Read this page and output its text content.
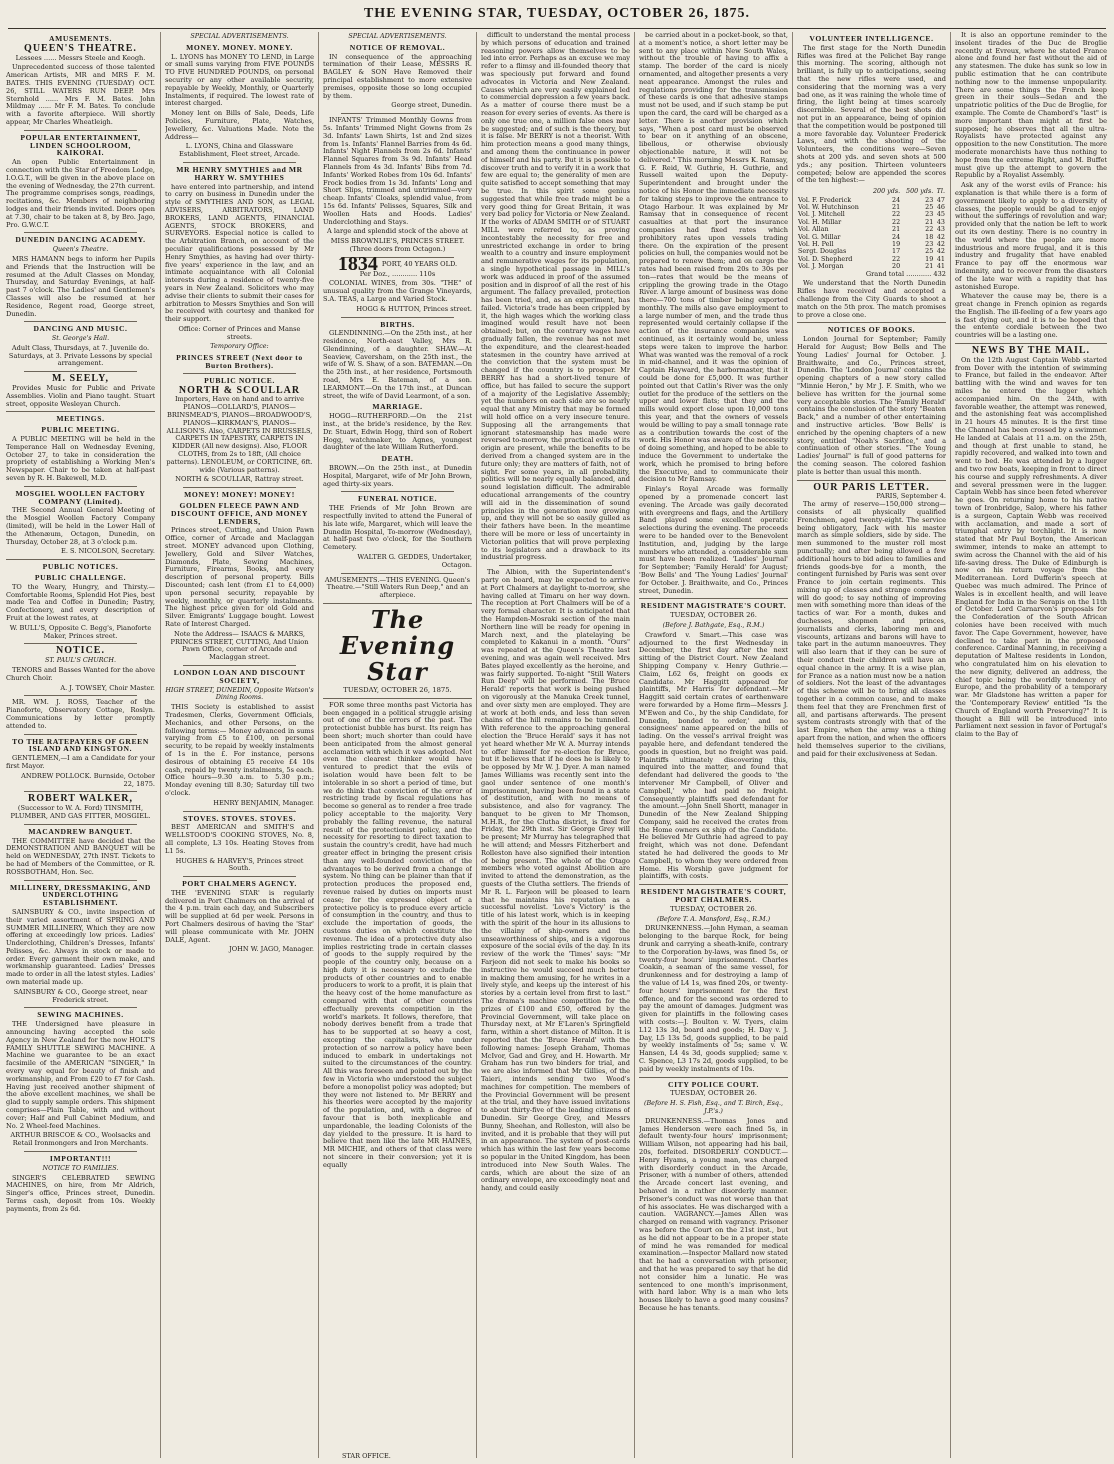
THE EVENING STAR, TUESDAY, OCTOBER 26, 1875.
AMUSEMENTS.
QUEEN'S THEATRE.

Lessees ...... Messrs Steele and Keogh.

Unprecedented success of those talented American Artists, MR and MRS F. M. BATES. THIS EVENING (TUESDAY) OCT. 26, STILL WATERS RUN DEEP. Mrs Sternhold ...... Mrs F. M. Bates. John Mildmay ...... Mr F. M. Bates. To conclude with a favorite afterpiece. Will shortly appear, Mr Charles Wheatleigh.

POPULAR ENTERTAINMENT, LINDEN SCHOOLROOM, KAIKORAI.

An open Public Entertainment in connection with the Star of Freedom Lodge, I.O.G.T., will be given in the above place on the evening of Wednesday, the 27th current. The programme comprises songs, readings, recitations, &c. Members of neighboring lodges and their friends invited. Doors open at 7.30, chair to be taken at 8, by Bro. Jago, Pro. G.W.C.T.

DUNEDIN DANCING ACADEMY.
Queen's Theatre.

MRS HAMANN begs to inform her Pupils and Friends that the Instruction will be resumed at the Adult Classes on Monday, Thursday, and Saturday Evenings, at half-past 7 o'clock. The Ladies' and Gentlemen's Classes will also be resumed at her Residence, Regent road, George street, Dunedin.

DANCING AND MUSIC.
St. George's Hall.

Adult Class, Thursdays, at 7. Juvenile do. Saturdays, at 3. Private Lessons by special arrangement.

M. SEELY,

Provides Music for Public and Private Assemblies. Violin and Piano taught. Stuart street, opposite Wesleyan Church.

MEETINGS.
PUBLIC MEETING.

A PUBLIC MEETING will be held in the Temperance Hall on Wednesday Evening, October 27, to take in consideration the propriety of establishing a Working Men's Newspaper. Chair to be taken at half-past seven by R. H. Bakewell, M.D.

MOSGIEL WOOLLEN FACTORY COMPANY (Limited).

THE Second Annual General Meeting of the Mosgiel Woollen Factory Company (limited), will be held in the Lower Hall of the Athenæum, Octagon, Dunedin, on Thursday, October 28, at 3 o'clock p.m.

E. S. NICOLSON, Secretary.

PUBLIC NOTICES.
PUBLIC CHALLENGE.

TO the Weary, Hungry, and Thirsty.— Comfortable Rooms, Splendid Hot Pies, best made Tea and Coffee in Dunedin; Pastry, Confectionery, and every description of Fruit at the lowest rates, at

W. BULL'S, Opposite C. Begg's, Pianoforte Maker, Princes street.

NOTICE.
ST. PAUL'S CHURCH.

TENORS and Basses Wanted for the above Church Choir.

A. J. TOWSEY, Choir Master.

MR. WM. J. ROSS, Teacher of the Pianoforte, Observatory Cottage, Roslyn. Communications by letter promptly attended to.

TO THE RATEPAYERS OF GREEN ISLAND AND KINGSTON.

GENTLEMEN,—I am a Candidate for your first Mayor.

ANDREW POLLOCK. Burnside, October 22, 1875.

ROBERT WALKER,

(Successor to W. A. Ford) TINSMITH, PLUMBER, AND GAS FITTER, MOSGIEL.

MACANDREW BANQUET.

THE COMMITTEE have decided that the DEMONSTRATION AND BANQUET will be held on WEDNESDAY, 27th INST. Tickets to be had of Members of the Committee, or R. ROSSBOTHAM, Hon. Sec.

MILLINERY, DRESSMAKING, AND UNDERCLOTHING ESTABLISHMENT.

SAINSBURY & CO., invite inspection of their varied assortment of SPRING AND SUMMER MILLINERY, Which they are now offering at exceedingly low prices. Ladies' Underclothing, Children's Dresses, Infants' Pelisses, &c. Always in stock or made to order. Every garment their own make, and workmanship guaranteed. Ladies' Dresses made to order in all the latest styles. Ladies' own material made up.

SAINSBURY & CO., George street, near Frederick street.

SEWING MACHINES.

THE Undersigned have pleasure in announcing having accepted the sole Agency in New Zealand for the now HOLT'S FAMILY SHUTTLE SEWING MACHINE. A Machine we guarantee to be an exact facsimile of the AMERICAN "SINGER," In every way equal for beauty of finish and workmanship, and From £20 to £7 for Cash. Having just received another shipment of the above excellent machines, we shall be glad to supply sample orders. This shipment comprises—Plain Table, with and without cover; Half and Full Cabinet Medium, and No. 2 Wheel-feed Machines.

ARTHUR BRISCOE & CO., Woolsacks and Retail Ironmongers and Iron Merchants.

IMPORTANT!!!
NOTICE TO FAMILIES.

SINGER'S CELEBRATED SEWING MACHINES, on hire, from Mr Aldrich, Singer's office, Princes street, Dunedin. Terms cash, deposit from 10s. Weekly payments, from 2s 6d.

SPECIAL ADVERTISEMENTS.
MONEY. MONEY. MONEY.

L. LYONS has MONEY TO LEND, in Large or small sums varying from FIVE POUNDS TO FIVE HUNDRED POUNDS, on personal security or any other available security, repayable by Weekly, Monthly, or Quarterly Instalments, if required. The lowest rate of interest charged.

Money lent on Bills of Sale, Deeds, Life Policies, Furniture, Plate, Watches, Jewellery, &c. Valuations Made. Note the Address—

L. LYONS, China and Glassware Establishment, Fleet street, Arcade.

MR HENRY SMYTHIES and MR HARRY W. SMYTHIES

have entered into partnership, and intend to carry on business in Dunedin under the style of SMYTHIES AND SON, as LEGAL ADVISERS, ARBITRATORS, LAND BROKERS, LAND AGENTS, FINANCIAL AGENTS, STOCK BROKERS, and SURVEYORS. Especial notice is called to the Arbitration Branch, on account of the peculiar qualifications possessed by Mr Henry Smythies, as having had over thirty-five years' experience in the law, and an intimate acquaintance with all Colonial interests during a residence of twenty-five years in New Zealand. Solicitors who may advise their clients to submit their cases for arbitration to Messrs Smythies and Son will be received with courtesy and thanked for their support.

Office: Corner of Princes and Manse streets.

Temporary Office:
PRINCES STREET (Next door to Burton Brothers).
PUBLIC NOTICE.
NORTH & SCOULLAR

Importers, Have on hand and to arrive PIANOS—COLLARD'S, PIANOS—BRINSMEAD'S, PIANOS—BROADWOOD'S, PIANOS—KIRKMAN'S, PIANOS—ALLISON'S. Also, CARPETS IN BRUSSELS, CARPETS IN TAPESTRY, CARPETS IN KIDDER (All new designs). Also, FLOOR CLOTHS, from 2s to 18ft, (All choice patterns). LENOLEUM, or CORTICINE, 6ft. wide (Various patterns).

NORTH & SCOULLAR, Rattray street.

MONEY! MONEY! MONEY!
GOLDEN FLEECE PAWN AND DISCOUNT OFFICE, AND MONEY LENDERS,

Princes street, Cutting, and Union Pawn Office, corner of Arcade and Maclaggan street. MONEY advanced upon Clothing, Jewellery, Gold and Silver Watches, Diamonds, Plate, Sewing Machines, Furniture, Firearms, Books, and every description of personal property. Bills Discounted; cash lent (from £1 to £4,000) upon personal security, repayable by weekly, monthly, or quarterly instalments. The highest price given for old Gold and Silver. Emigrants' Luggage bought. Lowest Rate of Interest Charged.

Note the Address— ISAACS & MARKS, PRINCES STREET, CUTTING, And Union Pawn Office, corner of Arcade and Maclaggan street.

LONDON LOAN AND DISCOUNT SOCIETY,
HIGH STREET, DUNEDIN, Opposite Watson's Dining Rooms.

THIS Society is established to assist Tradesmen, Clerks, Government Officials, Mechanics, and other Persons, on the following terms:— Money advanced in sums varying from £5 to £100, on personal security, to be repaid by weekly instalments of 1s in the £. For instance, persons desirous of obtaining £5 receive £4 10s cash, repaid by twenty instalments, 5s each. Office hours—9.30 a.m. to 5.30 p.m.; Monday evening till 8.30; Saturday till two o'clock.

HENRY BENJAMIN, Manager.

STOVES. STOVES. STOVES.

BEST AMERICAN and SMITH'S and WELLSTOOD'S COOKING STOVES, No. 8, all complete, L3 10s. Heating Stoves from L1 5s.

HUGHES & HARVEY'S, Princes street South.

PORT CHALMERS AGENCY.

THE 'EVENING STAR' is regularly delivered in Port Chalmers on the arrival of the 4 p.m. train each day, and Subscribers will be supplied at 6d per week. Persons in Port Chalmers desirous of having the 'Star' will please communicate with Mr. JOHN DALE, Agent.

JOHN W. JAGO, Manager.

SPECIAL ADVERTISEMENTS.
NOTICE OF REMOVAL.

IN consequence of the approaching termination of their Lease, MESSRS R. BAGLEY & SON Have Removed their principal establishment to more extensive premises, opposite those so long occupied by them.

George street, Dunedin.

INFANTS' Trimmed Monthly Gowns from 5s. Infants' Trimmed Night Gowns from 2s 3d. Infants' Lawn Shirts, 1st and 2nd sizes from 1s. Infants' Flannel Barries from 4s 6d. Infants' Night Flannels from 2s 6d. Infants' Flannel Squares from 3s 9d. Infants' Head Flannels from 4s 3d. Infants' Bibs from 7d. Infants' Worked Robes from 10s 6d. Infants' Frock bodies from 1s 3d. Infants' Long and Short Slips, trimmed and untrimmed—very cheap. Infants' Cloaks, splendid value, from 15s 6d. Infants' Pelisses, Squares, Silk and Woollen Hats and Hoods. Ladies' Underclothing and Stays.

A large and splendid stock of the above at

MISS BROWNLIE'S, PRINCES STREET. (Three doors from Octagon.)

1834 PORT, 40 YEARS OLD.

Per Doz., ............ 110s

COLONIAL WINES, from 30s. "THE" of unusual quality from the Grange Vineyards, S.A. TEAS, a Large and Varied Stock.

HOGG & HUTTON, Princes street.

BIRTHS.

GLENDINNING.—On the 25th inst., at her residence, North-east Valley, Mrs R. Glendinning, of a daughter. SHAW.—At Seaview, Caversham, on the 25th inst., the wife of W. S. Shaw, of a son. BATEMAN.—On the 25th inst., at her residence, Portsmouth road, Mrs E. Bateman, of a son. LEARMONT.—On the 17th inst., at Duncan street, the wife of David Learmont, of a son.

MARRIAGE.

HOGG—RUTHERFORD.—On the 21st inst., at the bride's residence, by the Rev. Dr. Stuart, Edwin Hogg, third son of Robert Hogg, watchmaker, to Agnes, youngest daughter of the late William Rutherford.

DEATH.

BROWN.—On the 25th inst., at Dunedin Hospital, Margaret, wife of Mr John Brown, aged thirty-six years.

FUNERAL NOTICE.

THE Friends of Mr John Brown are respectfully invited to attend the Funeral of his late wife, Margaret, which will leave the Dunedin Hospital, To-morrow (Wednesday), at half-past two o'clock, for the Southern Cemetery.

WALTER G. GEDDES, Undertaker, Octagon.

AMUSEMENTS.—THIS EVENING. Queen's Theatre.—"Still Waters Run Deep," and an afterpiece.

The Evening Star
TUESDAY, OCTOBER 26, 1875.

FOR some three months past Victoria has been engaged in a political struggle arising out of one of the errors of the past. The protectionist bubble has burst. Its reign has been short; much shorter than could have been anticipated from the almost general acclamation with which it was adopted. Not even the clearest thinker would have ventured to predict that the evils of isolation would have been felt to be intolerable in so short a period of time, but we do think that conviction of the error of restricting trade by fiscal regulations has become so general as to render a free trade policy acceptable to the majority. Very probably the falling revenue, the natural result of the protectionist policy, and the necessity for resorting to direct taxation to sustain the country's credit, have had much greater effect in bringing the present crisis than any well-founded conviction of the advantages to be derived from a change of system. No thing can be plainer than that if protection produces the proposed end, revenue raised by duties on imports must cease; for the expressed object of a protective policy is to produce every article of consumption in the country, and thus to exclude the importation of goods, the customs duties on which constitute the revenue. The idea of a protective duty also implies restricting trade in certain classes of goods to the supply required by the people of the country only, because on a high duty it is necessary to exclude the products of other countries and to enable producers to work to a profit, it is plain that the heavy cost of the home manufacture as compared with that of other countries effectually prevents competition in the world's markets. It follows, therefore, that nobody derives benefit from a trade that has to be supported at so heavy a cost, excepting the capitalists, who under protection of so narrow a policy have been induced to embark in undertakings not suited to the circumstances of the country. All this was foreseen and pointed out by the few in Victoria who understood the subject before a monopolist policy was adopted; but they were not listened to. Mr BERRY and his theories were accepted by the majority of the population, and, with a degree of favour that is both inexplicable and unpardonable, the leading Colonists of the day yielded to the pressure. It is hard to believe that men like the late MR HAINES, MR MICHIE, and others of that class were not sincere in their conversion; yet it is equally

difficult to understand the mental process by which persons of education and trained reasoning powers allow themselves to be led into error. Perhaps as an excuse we may refer to a flimsy and ill-founded theory that was speciously put forward and found advocates in Victoria and New Zealand. Causes which are very easily explained led to commercial depression a few years back. As a matter of course there must be a reason for every series of events. As there is only one true one, a million false ones may be suggested; and of such is the theory, but it is false. Mr BERRY is not a theorist. With him protection means a good many things, and among them the continuance in power of himself and his party. But it is possible to discover truth and to verify it in a work that few are equal to; the generality of men are quite satisfied to accept something that may be true. In this spirit some genius suggested that while free trade might be a very good thing for Great Britain, it was very bad policy for Victoria or New Zealand. If the works of ADAM SMITH or of STUART MILL were referred to, as proving incontestably the necessity for free and unrestricted exchange in order to bring wealth to a country and insure employment and remunerative wages for its population, a single hypothetical passage in MILL's work was adduced in proof of the assumed position and in disproof of all the rest of his argument. The fallacy prevailed, protection has been tried, and, as an experiment, has failed. Victoria's trade has been crippled by it, the high wages which the working class imagined would result have not been obtained; but, on the contrary wages have gradually fallen, the revenue has not met the expenditure, and the clearest-headed statesmen in the country have arrived at the conviction that the system must be changed if the country is to prosper. Mr BERRY has had a short-lived tenure of office, but has failed to secure the support of a majority of the Legislative Assembly; yet the numbers on each side are so nearly equal that any Ministry that may be formed will hold office on a very insecure tenure. Supposing all the arrangements that ignorant statesmanship has made were reversed to-morrow, the practical evils of its origin are present, while the benefits to be derived from a changed system are in the future only; they are matters of faith, not of sight. For some years, in all probability, politics will be nearly equally balanced, and sound legislation difficult. The admirable educational arrangements of the country will aid in the dissemination of sound principles in the generation now growing up, and they will not be so easily gulled as their fathers have been. In the meantime there will be more or less of uncertainty in Victorian politics that will prove perplexing to its legislators and a drawback to its industrial progress.

The Albion, with the Superintendent's party on board, may be expected to arrive at Port Chalmers at daylight to-morrow, she having called at Timaru on her way down. The reception at Port Chalmers will be of a very formal character. It is anticipated that the Hampden-Mosraki section of the main Northern line will be ready for opening in March next, and the platelaying be completed to Kakanui in a month. "Ours" was repeated at the Queen's Theatre last evening, and was again well received. Mrs Bates played excellently as the heroine, and was fairly supported. To-night "Still Waters Run Deep" will be performed. The 'Bruce Herald' reports that work is being pushed on vigorously at the Manuka Creek tunnel, and over sixty men are employed. They are at work at both ends, and less than seven chains of the hill remains to be tunnelled. With reference to the approaching general election the 'Bruce Herald' says it has not yet heard whether Mr W. A. Murray intends to offer himself for re-election for Bruce, but it believes that if he does he is likely to be opposed by Mr W. J. Dyer. A man named James Williams was recently sent into the gaol under sentence of one month's imprisonment, having been found in a state of destitution, and with no means of subsistence, and also for vagrancy. The banquet to be given to Mr Thomson, M.H.R., for the Clutha district, is fixed for Friday, the 29th inst. Sir George Grey will be present; Mr Murray has telegraphed that he will attend; and Messrs Fitzherbert and Rolleston have also signified their intention of being present. The whole of the Otago members who voted against Abolition are invited to attend the demonstration, as the guests of the Clutha settlers. The friends of Mr R. L. Farjeon will be pleased to learn that he maintains his reputation as a successful novelist. 'Love's Victory' is the title of his latest work, which is in keeping with the spirit of the hour in its allusions to the villainy of ship-owners and the unseaworthiness of ships, and is a vigorous exposure of the social evils of the day. In its review of the work the 'Times' says: "Mr Farjeon did not seek to make his books so instructive he would succeed much better in making them amusing, for he writes in a lively style, and keeps up the interest of his stories by a certain level from first to last." The drama's machine competition for the prizes of £100 and £50, offered by the Provincial Government, will take place on Thursday next, at Mr E'Laren's Springfield farm, within a short distance of Milton. It is reported that the 'Bruce Herald' with the following names: Joseph Graham, Thomas McIvor, Gad and Grey, and H. Howarth. Mr Graham has run two binders for trial, and we are also informed that Mr Gillies, of the Taieri, intends sending two Wood's machines for competition. The members of the Provincial Government will be present at the trial, and they have issued invitations to about thirty-five of the leading citizens of Dunedin. Sir George Grey, and Messrs Bunny, Sheehan, and Rolleston, will also be invited, and it is probable that they will put in an appearance. The system of post-cards which has within the last few years become so popular in the United Kingdom, has been introduced into New South Wales. The cards, which are about the size of an ordinary envelope, are exceedingly neat and handy, and could easily

be carried about in a pocket-book, so that, at a moment's notice, a short letter may be sent to any place within New South Wales, without the trouble of having to affix a stamp. The border of the card is nicely ornamented, and altogether presents a very neat appearance. Amongst the rules and regulations providing for the transmission of these cards is one that adhesive stamps must not be used, and if such stamp be put upon the card, the card will be charged as a letter. There is another provision which says, "When a post card must be observed to bear on it anything of an obscene, libellous, or otherwise obviously objectionable nature, it will not be delivered." This morning Messrs K. Ramsay, G. F. Reid, W. Guthrie, H. Guthrie, and Russell waited upon the Deputy-Superintendent and brought under the notice of his Honor the immediate necessity for taking steps to improve the entrance to Otago Harbour. It was explained by Mr Ramsay that in consequence of recent casualties at that port the insurance companies had fixed rates which prohibitory rates upon vessels trading there. On the expiration of the present policies on hull, the companies would not be prepared to renew them; and on cargo the rates had been raised from 20s to 30s per ton—rates that would be the means of crippling the growing trade in the Otago River. A large amount of business was done there—700 tons of timber being exported monthly. The mills also gave employment to a large number of men, and the trade thus represented would certainly collapse if the action of the insurance companies was continued, as it certainly would be, unless steps were taken to improve the harbor. What was wanted was the removal of a rock in mid-channel, and it was the opinion of Captain Hayward, the harbormaster, that it could be done for £5,000. It was further pointed out that Catlin's River was the only outlet for the produce of the settlers on the upper and lower flats; that they and the mills would export close upon 10,000 tons this year, and that the owners of vessels would be willing to pay a small tonnage rate as a contribution towards the cost of the work. His Honor was aware of the necessity of doing something, and hoped to be able to induce the Government to undertake the work, which he promised to bring before the Executive, and to communicate their decision to Mr Ramsay.

Finlay's Royal Arcade was formally opened by a promenade concert last evening. The Arcade was gaily decorated with evergreens and flags, and the Artillery Band played some excellent operatic selections during the evening. The proceeds were to be handed over to the Benevolent Institution, and, judging by the large numbers who attended, a considerable sum must have been realized. 'Ladies' Journal' for September; 'Family Herald' for August; 'Bow Bells' and 'The Young Ladies' Journal' for October. J. Braithwaite, and Co., Princes street, Dunedin.

RESIDENT MAGISTRATE'S COURT.
TUESDAY, OCTOBER 26.
(Before J. Bathgate, Esq., R.M.)

Crawford v. Smart.—This case was adjourned to the first Wednesday in December, the first day after the next sitting of the District Court. New Zealand Shipping Company v. Henry Guthrie.—Claim, L62 6s, freight on goods ex Candidate. Mr Haggitt appeared for plaintiffs, Mr Harris for defendant.—Mr Haggitt said certain crates of earthenware were forwarded by a Home firm—Messrs J. M'Ewen and Co., by the ship Candidate, for Dunedin, bonded to order,' and no consignees' name appeared on the bills of lading. On the vessel's arrival freight was payable here, and defendant tendered the goods in question, but no freight was paid. Plaintiffs ultimately discovering this, inquired into the matter, and found that defendant had delivered the goods to 'the intervener Mr Campbell, of Oliver and Campbell,' who had paid no freight. Consequently plaintiffs sued defendant for the amount.—John Snell Shortt, manager in Dunedin of the New Zealand Shipping Company, said he received the crates from the Home owners ex ship of the Candidate. He believed Mr Guthrie had agreed to pay freight, which was not done. Defendant stated he had delivered the goods to Mr Campbell, to whom they were ordered from Home. His Worship gave judgment for plaintiffs, with costs.

RESIDENT MAGISTRATE'S COURT, PORT CHALMERS.
TUESDAY, OCTOBER 26.
(Before T. A. Mansford, Esq., R.M.)

DRUNKENNESS.—John Hyman, a seaman belonging to the barque Rock, for being drunk and carrying a sheath-knife, contrary to the Corporation by-laws, was fined 5s, or twenty-four hours' imprisonment. Charles Coakin, a seaman of the same vessel, for drunkenness and for destroying a lamp of the value of L4 1s, was fined 20s, or twenty-four hours' imprisonment for the first offence, and for the second was ordered to pay the amount of damages. Judgment was given for plaintiffs in the following cases with costs:—J. Boulton v. W. Tyers, claim L12 13s 3d, board and goods; H. Day v. J. Day, L5 13s 5d, goods supplied, to be paid by weekly instalments of 5s; same v. W. Hansen, L4 4s 3d, goods supplied; same v. C. Spence, L3 17s 2d, goods supplied, to be paid by weekly instalments of 10s.

CITY POLICE COURT.
TUESDAY, OCTOBER 26.
(Before H. S. Fish, Esq., and T. Birch, Esq., J.P.'s.)

DRUNKENNESS.—Thomas Jones and James Henderson were each fined 5s, in default twenty-four hours' imprisonment; William Wilson, not appearing had his bail, 20s, forfeited. DISORDERLY CONDUCT.—Henry Hyams, a young man, was charged with disorderly conduct in the Arcade, Prisoner, with a number of others, attended the Arcade concert last evening, and behaved in a rather disorderly manner. Prisoner's conduct was not worse than that of his associates. He was discharged with a caution. VAGRANCY.—James Allen was charged on remand with vagrancy. Prisoner was before the Court on the 21st inst., but as he did not appear to be in a proper state of mind he was remanded for medical examination.—Inspector Mallard now stated that he had a conversation with prisoner, and that he was prepared to say that he did not consider him a lunatic. He was sentenced to one month's imprisonment, with hard labor. Why is a man who lets houses likely to have a good many cousins? Because he has tenants.

VOLUNTEER INTELLIGENCE.

The first stage for the North Dunedin Rifles was fired at the Pelichet Bay range this morning. The scoring, although not brilliant, is fully up to anticipations, seeing that the new rifles were used, and considering that the morning was a very bad one, as it was raining the whole time of firing, the light being at times scarcely discernible. Several of the best shots did not put in an appearance, being of opinion that the competition would be postponed till a more favorable day. Volunteer Frederick Laws, and with the shooting of the Volunteers, the conditions were—Seven shots at 200 yds. and seven shots at 500 yds.; any position. Thirteen volunteers competed; below are appended the scores of the ten highest:—

	200 yds.	500 yds.	Tl.
Vol. F. Frederick	24	23	47
Vol. W. Hutchinson	21	25	46
Vol. J. Mitchell	22	23	45
Vol. H. Millar	22	21	43
Vol. Allan	21	22	43
Vol. G. Millar	24	18	42
Vol. H. Pell	19	23	42
Sergt. Douglas	17	25	42
Vol. D. Shepherd	22	19	41
Vol. J. Morgan	20	21	41

Grand total ............ 432

We understand that the North Dunedin Rifles have received and accepted a challenge from the City Guards to shoot a match on the 5th prox. The match promises to prove a close one.

NOTICES OF BOOKS.

London Journal for September; Family Herald for August; Bow Bells and The Young Ladies' Journal for October. J. Braithwaite, and Co., Princes street, Dunedin. The 'London Journal' contains the opening chapters of a new story called "Minnie Heron," by Mr J. F. Smith, who we believe has written for the journal some very acceptable stories. The 'Family Herald' contains the conclusion of the story "Beaten Back," and a number of other entertaining and instructive articles. 'Bow Bells' is enriched by the opening chapters of a new story, entitled "Noah's Sacrifice," and a continuation of other stories. "The Young Ladies' Journal" is full of good patterns for the coming season. The colored fashion plate is better than usual this month.

OUR PARIS LETTER.
PARIS, September 4.

The army of reserve—150,000 strong—consists of all physically qualified Frenchmen, aged twenty-eight. The service being obligatory, Jack with his master march as simple soldiers, side by side. The men summoned to the muster roll most punctually; and after being allowed a few additional hours to bid adieu to families and friends goods-bye for a month, the contingent furnished by Paris was sent over France to join certain regiments. This mixing up of classes and strange comrades will do good; to say nothing of improving men with something more than ideas of the tactics of war. For a month, dukes and duchesses, shopmen and princes, journalists and clerks, laboring men and viscounts, artizans and barons will have to take part in the autumn manoeuvres. They will also learn that if they can be sure of their conduct their children will have an equal chance in the army. It is a wise plan, for France as a nation must now be a nation of soldiers. Not the least of the advantages of this scheme will be to bring all classes together in a common cause, and to make them feel that they are Frenchmen first of all, and partisans afterwards. The present system contrasts strongly with that of the last Empire, when the army was a thing apart from the nation, and when the officers held themselves superior to the civilians, and paid for their exclusiveness at Sedan.

It is also an opportune reminder to the insolent tirades of the Duc de Broglie recently at Evreux, where he stated France alone and found her fast without the aid of any statesmen. The duke has sunk so low in public estimation that he can contribute nothing now to the immense unpopularity. There are some things the French keep green in their souls—Sedan and the unpatriotic politics of the Duc de Broglie, for example. The Comte de Chambord's "last" is more important than might at first be supposed; he observes that all the ultra-Royalists have protected against any opposition to the new Constitution. The more moderate monarchists have thus nothing to hope from the extreme Right, and M. Buffet must give up the attempt to govern the Republic by a Royalist Assembly.

Ask any of the worst evils of France: his explanation is that while there is a form of government likely to apply to a diversity of classes, the people would be glad to enjoy without the sufferings of revolution and war; provided only that the nation be left to work out its own destiny. There is no country in the world where the people are more industrious and more frugal, and it is this industry and frugality that have enabled France to pay off the enormous war indemnity, and to recover from the disasters of the late war with a rapidity that has astonished Europe.

Whatever the cause may be, there is a great change in French opinion as regards the English. The ill-feeling of a few years ago is fast dying out, and it is to be hoped that the entente cordiale between the two countries will be a lasting one.

NEWS BY THE MAIL.

On the 12th August Captain Webb started from Dover with the intention of swimming to France, but failed in the endeavor. After battling with the wind and waves for ten miles he entered the lugger which accompanied him. On the 24th, with favorable weather, the attempt was renewed, and the astonishing feat was accomplished in 21 hours 45 minutes. It is the first time the Channel has been crossed by a swimmer. He landed at Calais at 11 a.m. on the 25th, and though at first unable to stand, he rapidly recovered, and walked into town and went to bed. He was attended by a lugger and two row boats, keeping in front to direct his course and supply refreshments. A diver and several pressmen were in the lugger. Captain Webb has since been feted wherever he goes. On returning home to his native town of Ironbridge, Salop, where his father is a surgeon, Captain Webb was received with acclamation, and made a sort of triumphal entry by torchlight. It is now stated that Mr Paul Boyton, the American swimmer, intends to make an attempt to swim across the Channel with the aid of his life-saving dress. The Duke of Edinburgh is now on his return voyage from the Mediterranean. Lord Dufferin's speech at Quebec was much admired. The Prince of Wales is in excellent health, and will leave England for India in the Serapis on the 11th of October. Lord Carnarvon's proposals for the Confederation of the South African colonies have been received with much favor. The Cape Government, however, have declined to take part in the proposed conference. Cardinal Manning, in receiving a deputation of Maltese residents in London, who congratulated him on his elevation to the new dignity, delivered an address, the chief topic being the worldly tendency of Europe, and the probability of a temporary war. Mr Gladstone has written a paper for the 'Contemporary Review' entitled "Is the Church of England worth Preserving?" It is thought a Bill will be introduced into Parliament next session in favor of Portugal's claim to the Bay of

STAR OFFICE.
